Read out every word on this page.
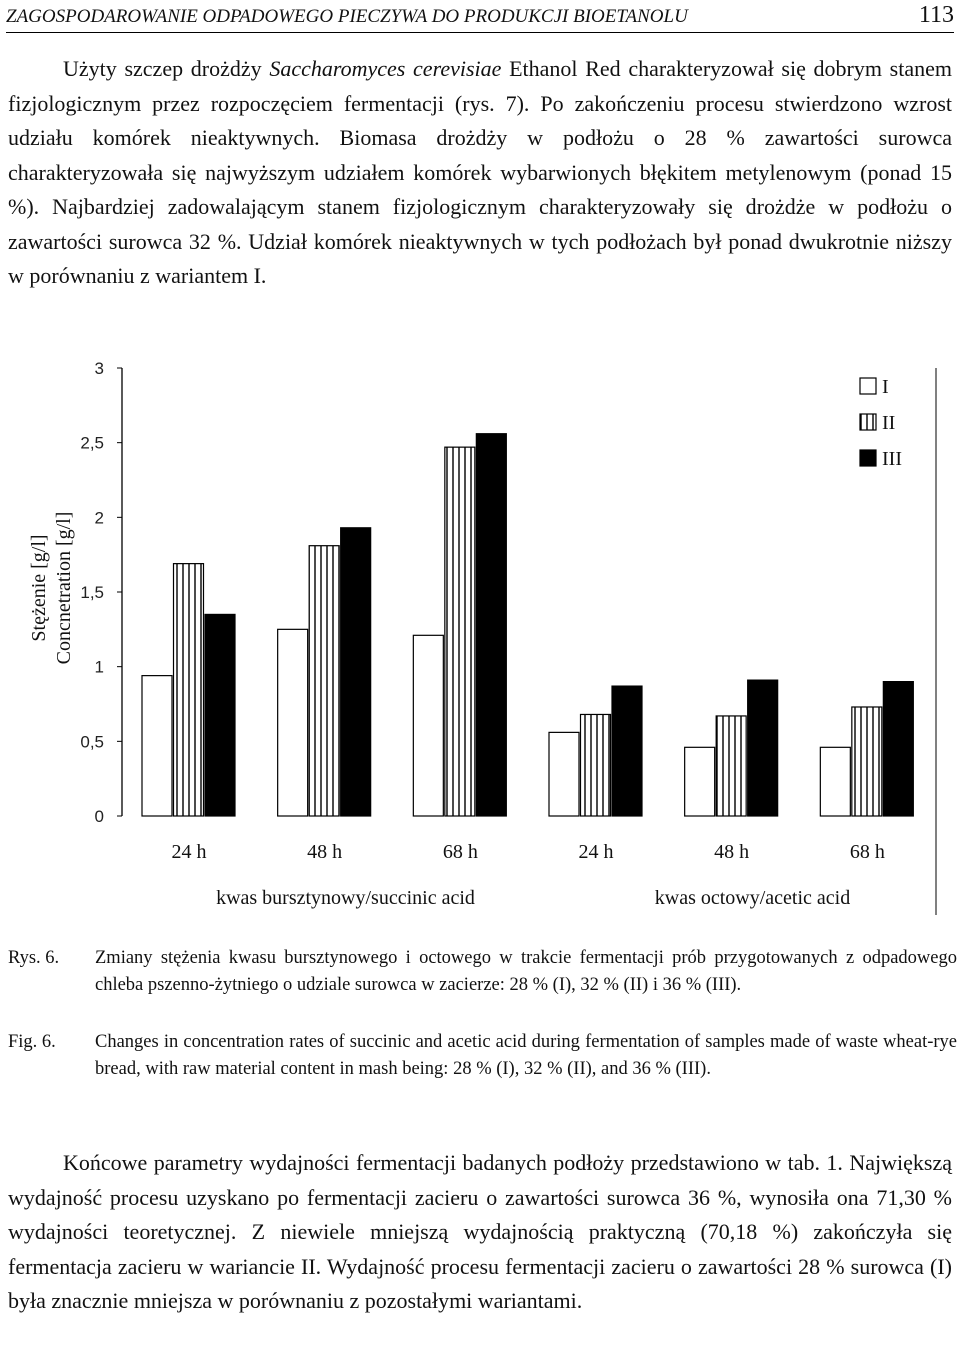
ZAGOSPODAROWANIE ODPADOWEGO PIECZYWA DO PRODUKCJI BIOETANOLU	113

Użyty szczep drożdży Saccharomyces cerevisiae Ethanol Red charakteryzował się dobrym stanem fizjologicznym przez rozpoczęciem fermentacji (rys. 7). Po zakończeniu procesu stwierdzono wzrost udziału komórek nieaktywnych. Biomasa drożdży w podłożu o 28 % zawartości surowca charakteryzowała się najwyższym udziałem komórek wybarwionych błękitem metylenowym (ponad 15 %). Najbardziej zadowalającym stanem fizjologicznym charakteryzowały się drożdże w podłożu o zawartości surowca 32 %. Udział komórek nieaktywnych w tych podłożach był ponad dwukrotnie niższy w porównaniu z wariantem I.

0
0,5
1
1,5
2
2,5
3
24 h	48 h	68 h	24 h	48 h	68 h
kwas bursztynowy/succinic acid	kwas octowy/acetic acid
I
II
III
Stężenie [g/l] Concnetration [g/l]
Rys. 6. Zmiany stężenia kwasu bursztynowego i octowego w trakcie fermentacji prób przygotowanych z odpadowego chleba pszenno-żytniego o udziale surowca w zacierze: 28 % (I), 32 % (II) i 36 % (III).
Fig. 6. Changes in concentration rates of succinic and acetic acid during fermentation of samples made of waste wheat-rye bread, with raw material content in mash being: 28 % (I), 32 % (II), and 36 % (III).

Końcowe parametry wydajności fermentacji badanych podłoży przedstawiono w tab. 1. Największą wydajność procesu uzyskano po fermentacji zacieru o zawartości surowca 36 %, wynosiła ona 71,30 % wydajności teoretycznej. Z niewiele mniejszą wydajnością praktyczną (70,18 %) zakończyła się fermentacja zacieru w wariancie II. Wydajność procesu fermentacji zacieru o zawartości 28 % surowca (I) była znacznie mniejsza w porównaniu z pozostałymi wariantami.
